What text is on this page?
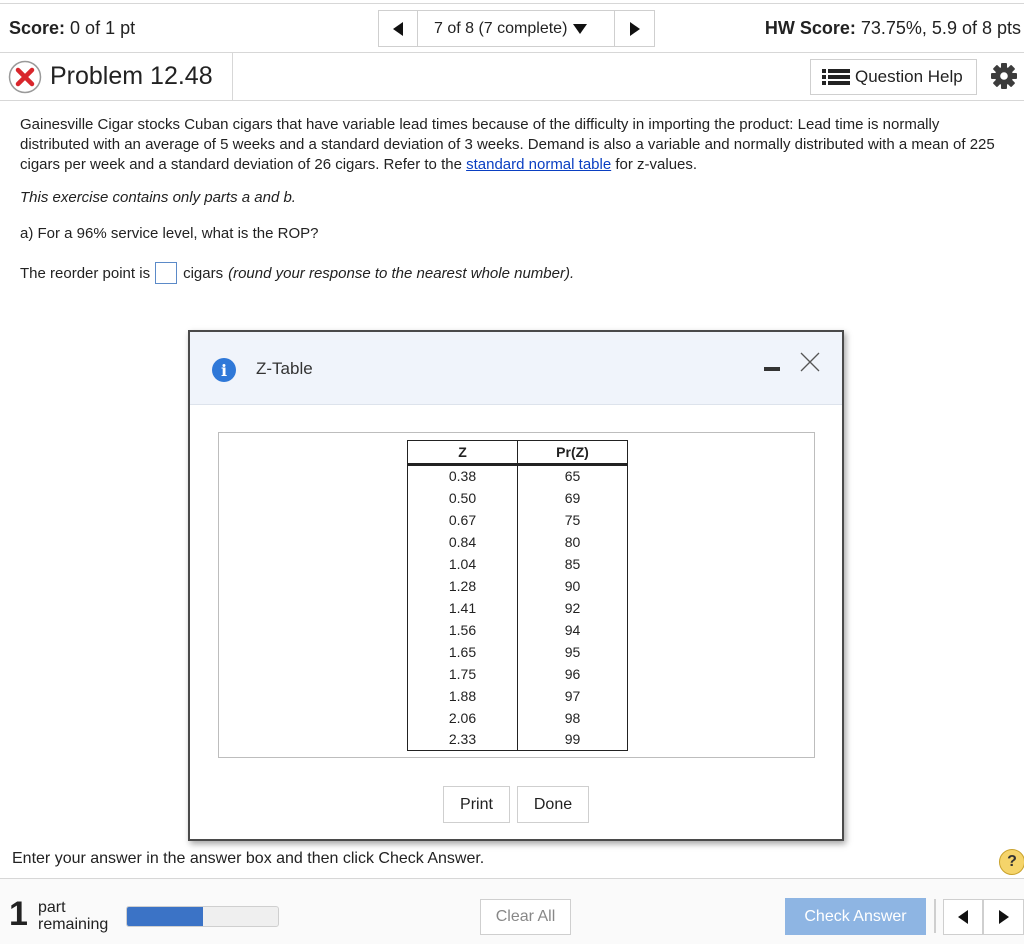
Score: 0 of 1 pt	7 of 8 (7 complete)	HW Score: 73.75%, 5.9 of 8 pts
Problem 12.48	Question Help
Gainesville Cigar stocks Cuban cigars that have variable lead times because of the difficulty in importing the product: Lead time is normally distributed with an average of 5 weeks and a standard deviation of 3 weeks. Demand is also a variable and normally distributed with a mean of 225 cigars per week and a standard deviation of 26 cigars. Refer to the standard normal table for z-values.
This exercise contains only parts a and b.
a) For a 96% service level, what is the ROP?
The reorder point is cigars (round your response to the nearest whole number).
i	Z-Table
Z	Pr(Z)
0.38	65
0.50	69
0.67	75
0.84	80
1.04	85
1.28	90
1.41	92
1.56	94
1.65	95
1.75	96
1.88	97
2.06	98
2.33	99
Print	Done
Enter your answer in the answer box and then click Check Answer.	?
1 part
remaining	Clear All	Check Answer
